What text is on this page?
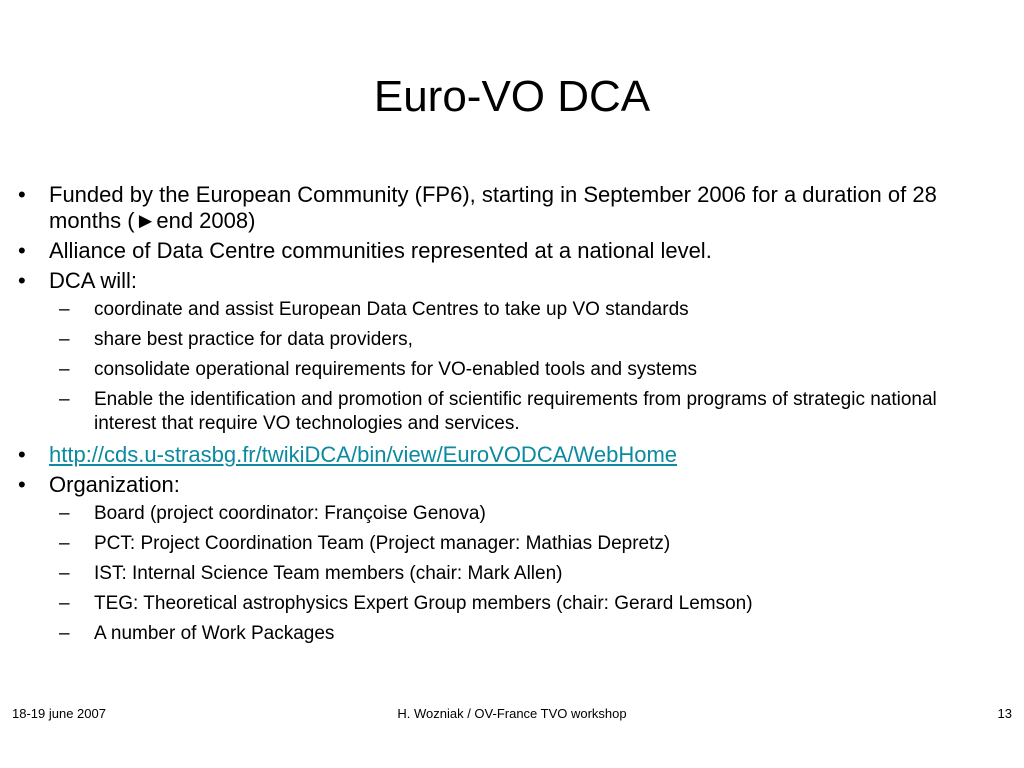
Euro-VO DCA
•	Funded by the European Community (FP6), starting in September 2006 for a duration of 28 months (►end 2008)
•	Alliance of Data Centre communities represented at a national level.
•	DCA will:
– coordinate and assist European Data Centres to take up VO standards
– share best practice for data providers,
– consolidate operational requirements for VO-enabled tools and systems
– Enable the identification and promotion of scientific requirements from programs of strategic national interest that require VO technologies and services.
•	http://cds.u-strasbg.fr/twikiDCA/bin/view/EuroVODCA/WebHome
•	Organization:
– Board (project coordinator: Françoise Genova)
– PCT: Project Coordination Team (Project manager: Mathias Depretz)
– IST: Internal Science Team members (chair: Mark Allen)
– TEG: Theoretical astrophysics Expert Group members (chair: Gerard Lemson)
– A number of Work Packages
H. Wozniak / OV-France TVO workshop
18-19 june 2007	13
